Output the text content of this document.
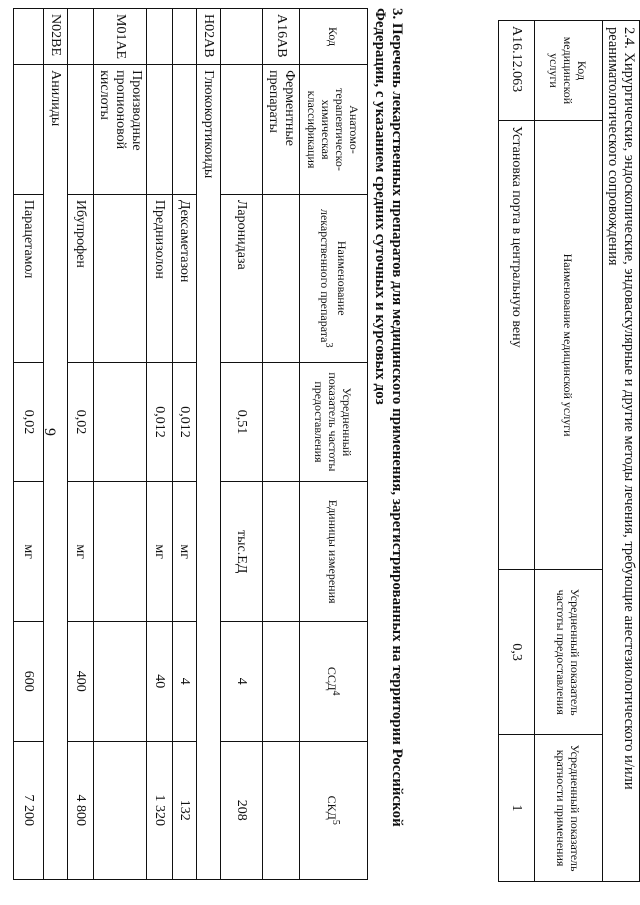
9
2.4. Хирургические, эндоскопические, эндоваскулярные и другие методы лечения, требующие анестезиологического и/или реаниматологического сопровождения			
Код медицинской услуги	Наименование медицинской услуги	Усредненный показатель частоты предоставления	Усредненный показатель кратности применения
A16.12.063	Установка порта в центральную вену	0,3	1
3. Перечень лекарственных препаратов для медицинского применения, зарегистрированных на территории Российской Федерации, с указанием средних суточных и курсовых доз
Код	Анатомо-терапевтическо-химическая классификация	Наименование лекарственного препарата$^3$	Усредненный показатель частоты предоставления	Единицы измерения	ССД$^4$	СКД$^5$
A16AB	Ферментные препараты					
		Ларонидаза	0,51	тыс.ЕД	4	208
H02AB	Глюкокортикоиды					
		Дексаметазон	0,012	мг	4	132
		Преднизолон	0,012	мг	40	1 320
M01AE	Производные пропионовой кислоты					
		Ибупрофен	0,02	мг	400	4 800
N02BE	Анилиды					
		Парацетамол	0,02	мг	600	7 200
